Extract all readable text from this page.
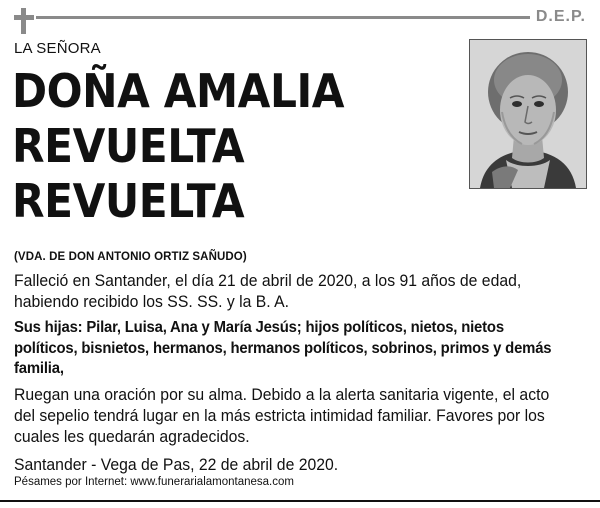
D.E.P.
LA SEÑORA
DOÑA AMALIA
REVUELTA
REVUELTA
(VDA. DE DON ANTONIO ORTIZ SAÑUDO)
Falleció en Santander, el día 21 de abril de 2020, a los 91 años de edad, habiendo recibido los SS. SS. y la B. A.
Sus hijas: Pilar, Luisa, Ana y María Jesús; hijos políticos, nietos, nietos políticos, bisnietos, hermanos, hermanos políticos, sobrinos, primos y demás familia,
Ruegan una oración por su alma. Debido a la alerta sanitaria vigente, el acto del sepelio tendrá lugar en la más estricta intimidad familiar. Favores por los cuales les quedarán agradecidos.
Santander - Vega de Pas, 22 de abril de 2020.
Pésames por Internet: www.funerarialamontanesa.com
